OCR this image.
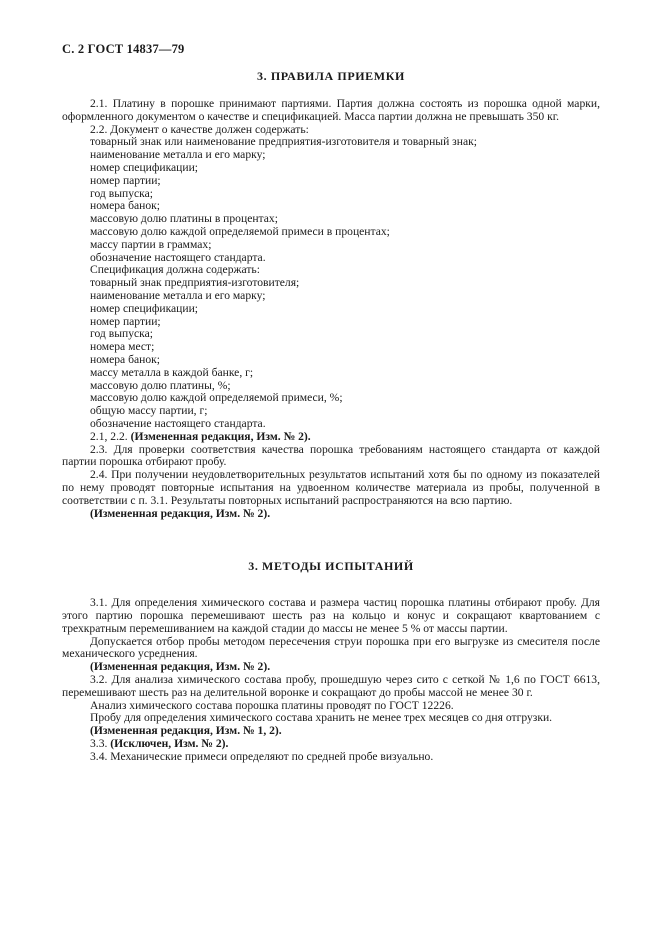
С. 2 ГОСТ 14837—79
3. ПРАВИЛА ПРИЕМКИ

2.1. Платину в порошке принимают партиями. Партия должна состоять из порошка одной марки, оформленного документом о качестве и спецификацией. Масса партии должна не превышать 350 кг.

2.2. Документ о качестве должен содержать:

товарный знак или наименование предприятия-изготовителя и товарный знак;

наименование металла и его марку;

номер спецификации;

номер партии;

год выпуска;

номера банок;

массовую долю платины в процентах;

массовую долю каждой определяемой примеси в процентах;

массу партии в граммах;

обозначение настоящего стандарта.

Спецификация должна содержать:

товарный знак предприятия-изготовителя;

наименование металла и его марку;

номер спецификации;

номер партии;

год выпуска;

номера мест;

номера банок;

массу металла в каждой банке, г;

массовую долю платины, %;

массовую долю каждой определяемой примеси, %;

общую массу партии, г;

обозначение настоящего стандарта.

2.1, 2.2. (Измененная редакция, Изм. № 2).

2.3. Для проверки соответствия качества порошка требованиям настоящего стандарта от каждой партии порошка отбирают пробу.

2.4. При получении неудовлетворительных результатов испытаний хотя бы по одному из показателей по нему проводят повторные испытания на удвоенном количестве материала из пробы, полученной в соответствии с п. 3.1. Результаты повторных испытаний распространяются на всю партию.

(Измененная редакция, Изм. № 2).

3. МЕТОДЫ ИСПЫТАНИЙ

3.1. Для определения химического состава и размера частиц порошка платины отбирают пробу. Для этого партию порошка перемешивают шесть раз на кольцо и конус и сокращают квартованием с трехкратным перемешиванием на каждой стадии до массы не менее 5 % от массы партии.

Допускается отбор пробы методом пересечения струи порошка при его выгрузке из смесителя после механического усреднения.

(Измененная редакция, Изм. № 2).

3.2. Для анализа химического состава пробу, прошедшую через сито с сеткой № 1,6 по ГОСТ 6613, перемешивают шесть раз на делительной воронке и сокращают до пробы массой не менее 30 г.

Анализ химического состава порошка платины проводят по ГОСТ 12226.

Пробу для определения химического состава хранить не менее трех месяцев со дня отгрузки.

(Измененная редакция, Изм. № 1, 2).

3.3. (Исключен, Изм. № 2).

3.4. Механические примеси определяют по средней пробе визуально.
